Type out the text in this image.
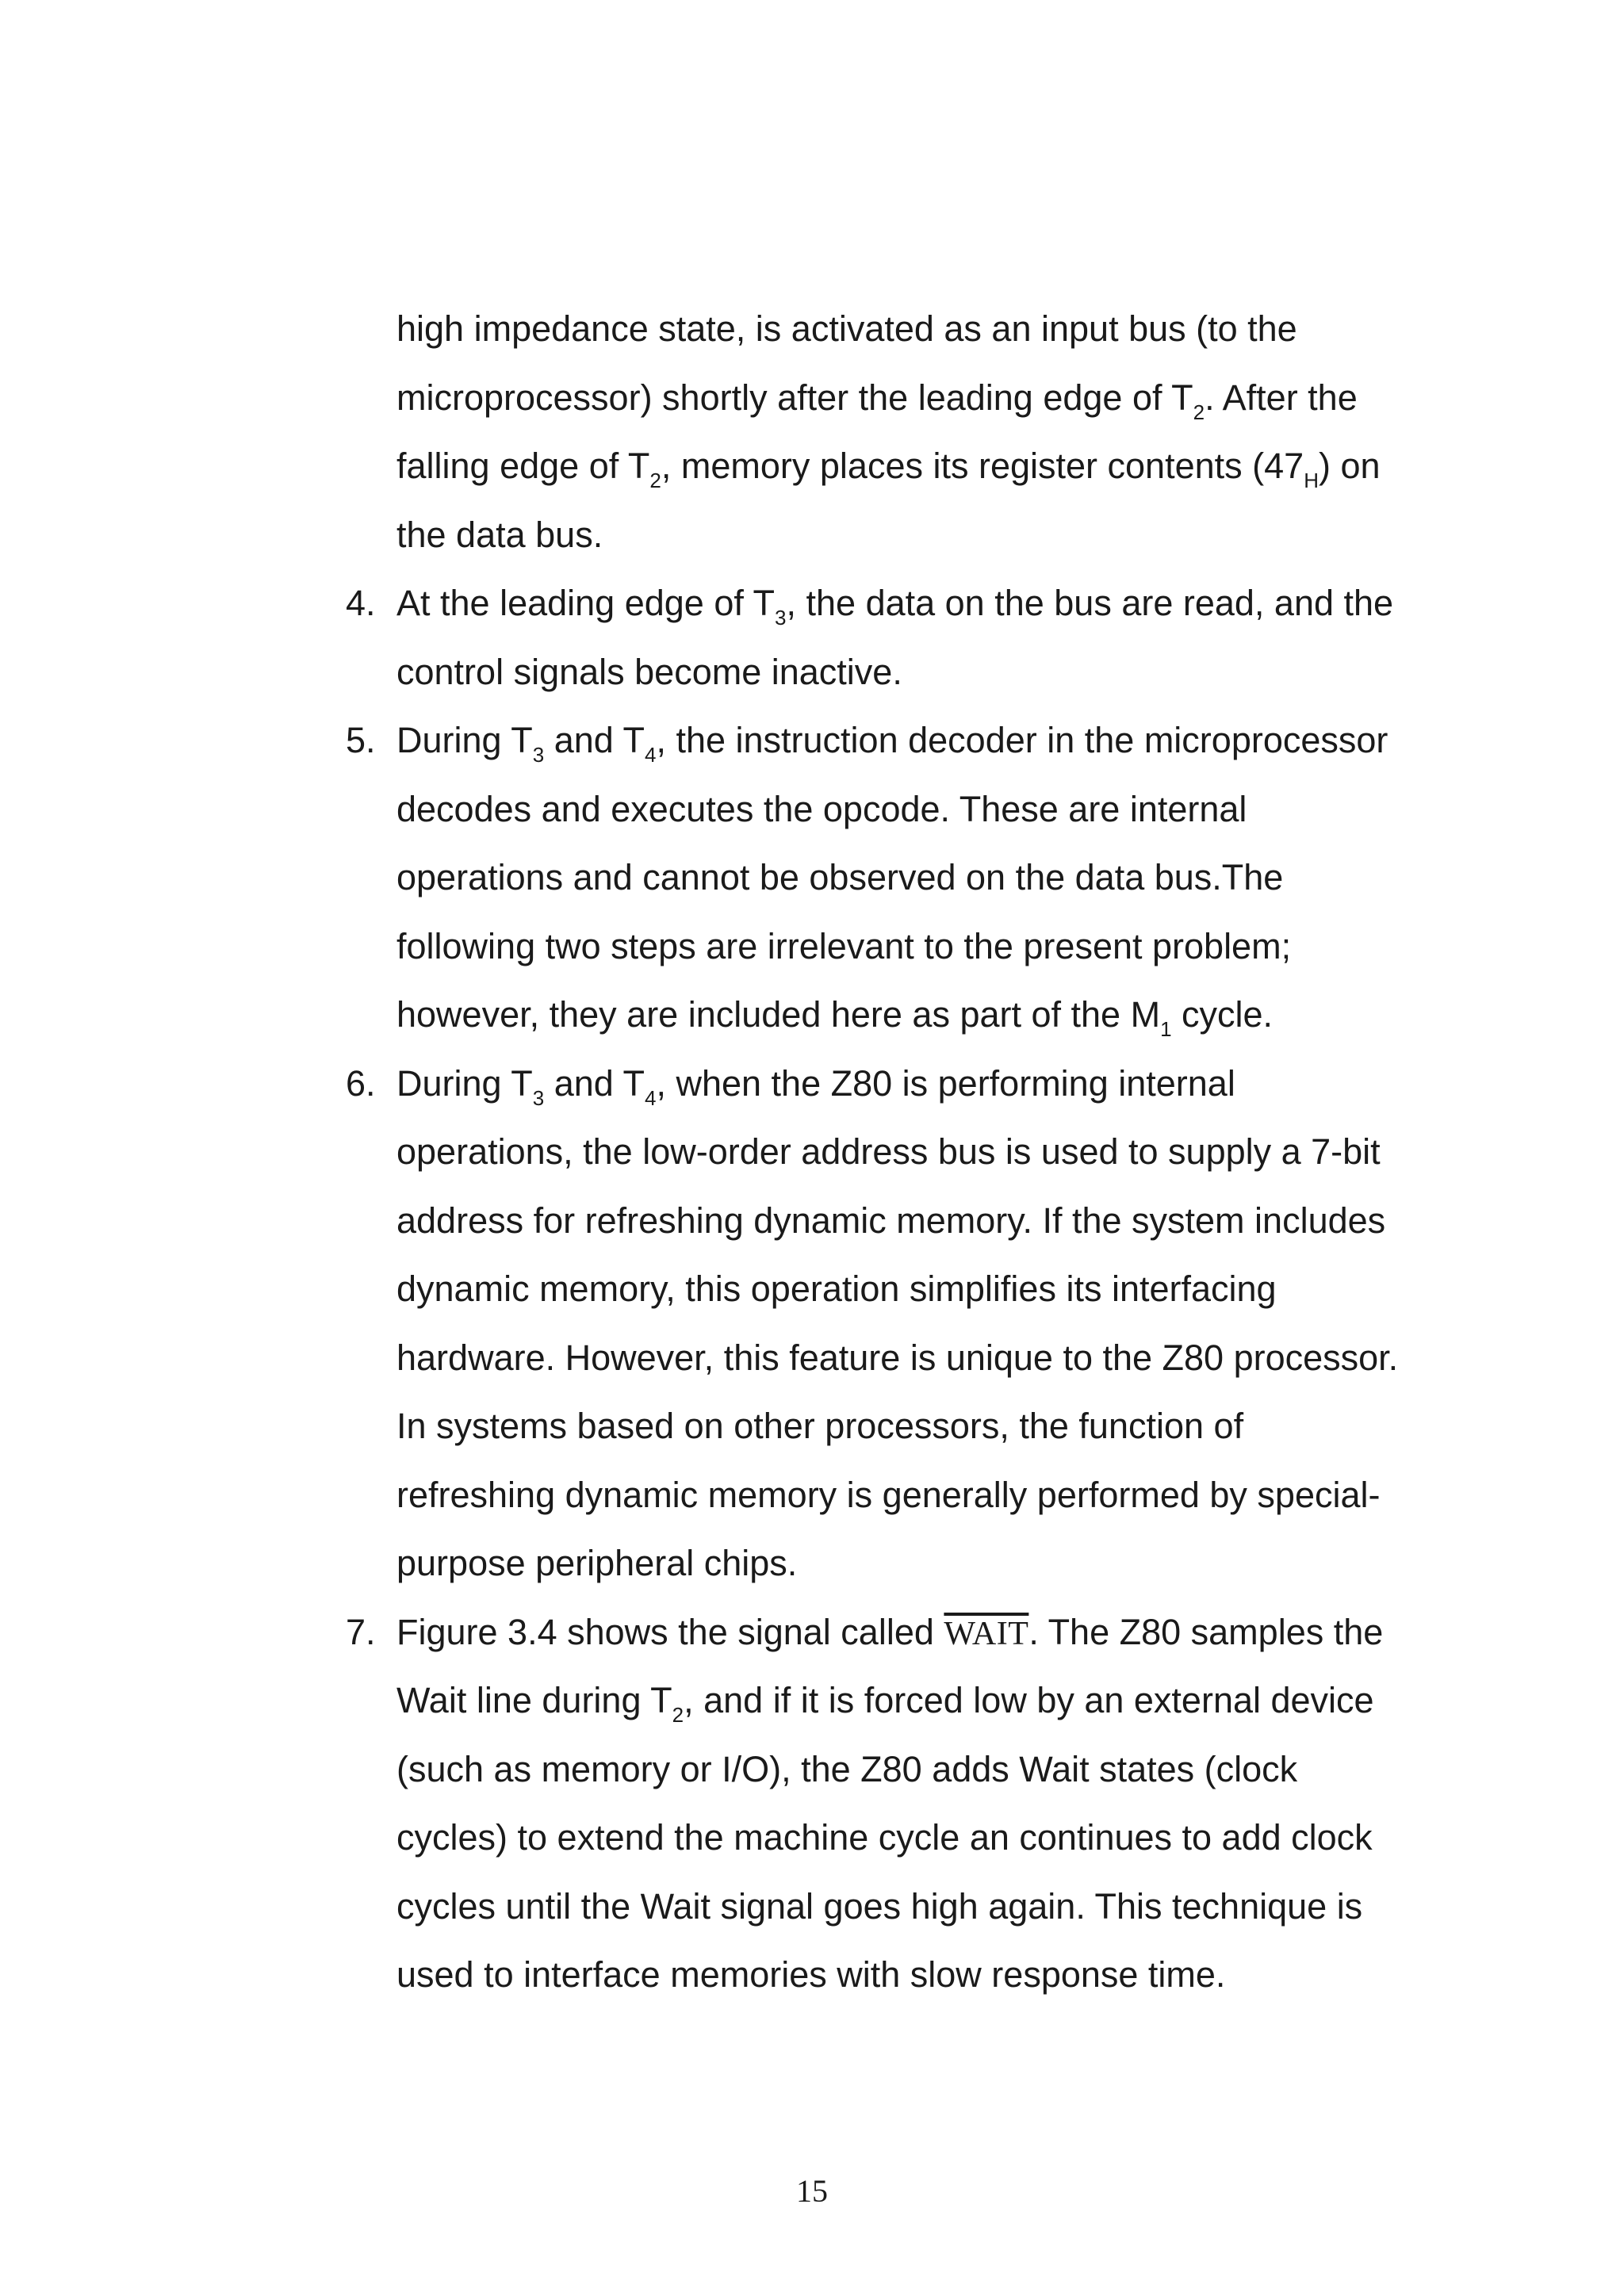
high impedance state, is activated as an input bus (to the
microprocessor) shortly after the leading edge of $T_2$. After the
falling edge of $T_2$, memory places its register contents $(47_H)$ on
the data bus.
4. At the leading edge of $T_3$, the data on the bus are read, and the
control signals become inactive.
5. During $T_3$ and $T_4$, the instruction decoder in the microprocessor
decodes and executes the opcode. These are internal
operations and cannot be observed on the data bus.The
following two steps are irrelevant to the present problem;
however, they are included here as part of the $M_1$ cycle.
6. During $T_3$ and $T_4$, when the Z80 is performing internal
operations, the low-order address bus is used to supply a 7-bit
address for refreshing dynamic memory. If the system includes
dynamic memory, this operation simplifies its interfacing
hardware. However, this feature is unique to the Z80 processor.
In systems based on other processors, the function of
refreshing dynamic memory is generally performed by special-
purpose peripheral chips.
7. Figure 3.4 shows the signal called WAIT. The Z80 samples the
Wait line during $T_2$, and if it is forced low by an external device
(such as memory or I/O), the Z80 adds Wait states (clock
cycles) to extend the machine cycle an continues to add clock
cycles until the Wait signal goes high again. This technique is
used to interface memories with slow response time.
15
